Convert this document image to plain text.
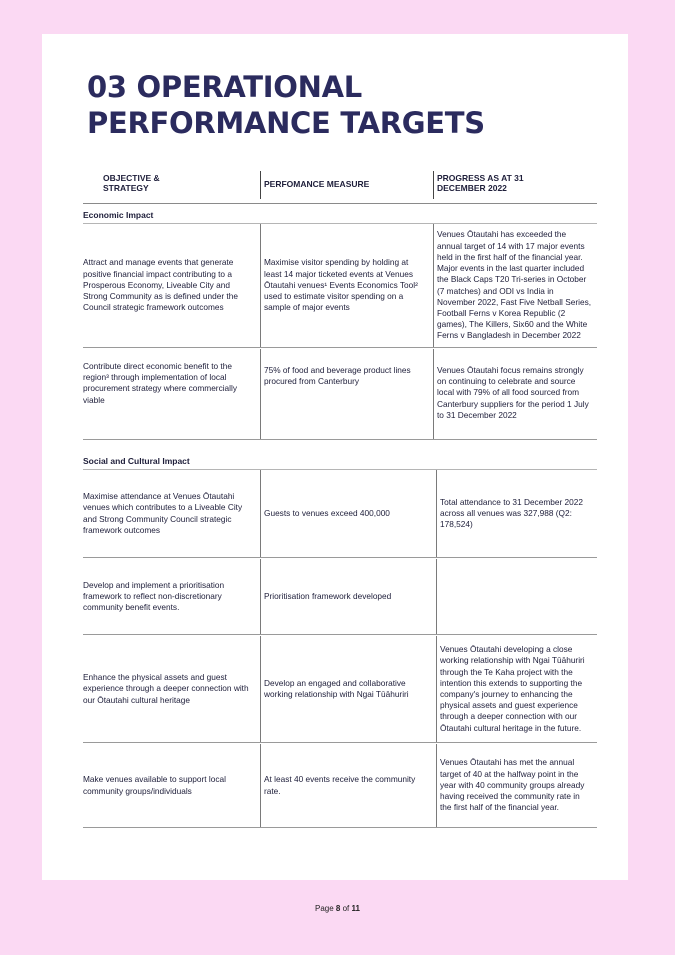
03 OPERATIONAL
PERFORMANCE TARGETS
OBJECTIVE & STRATEGY	PERFOMANCE MEASURE
PROGRESS AS AT 31 DECEMBER 2022
Economic Impact
Attract and manage events that generate positive financial impact contributing to a Prosperous Economy, Liveable City and Strong Community as is defined under the Council strategic framework outcomes
Maximise visitor spending by holding at least 14 major ticketed events at Venues Ōtautahi venues¹ Events Economics Tool² used to estimate visitor spending on a sample of major events
Venues Ōtautahi has exceeded the annual target of 14 with 17 major events held in the first half of the financial year. Major events in the last quarter included the Black Caps T20 Tri-series in October (7 matches) and ODI vs India in November 2022, Fast Five Netball Series, Football Ferns v Korea Republic (2 games), The Killers, Six60 and the White Ferns v Bangladesh in December 2022
Contribute direct economic benefit to the region³ through implementation of local procurement strategy where commercially viable
75% of food and beverage product lines procured from Canterbury
Venues Ōtautahi focus remains strongly on continuing to celebrate and source local with 79% of all food sourced from Canterbury suppliers for the period 1 July to 31 December 2022
Social and Cultural Impact
Maximise attendance at Venues Ōtautahi venues which contributes to a Liveable City and Strong Community Council strategic framework outcomes
Guests to venues exceed 400,000
Total attendance to 31 December 2022 across all venues was 327,988 (Q2: 178,524)
Develop and implement a prioritisation framework to reflect non-discretionary community benefit events.
Prioritisation framework developed
Enhance the physical assets and guest experience through a deeper connection with our Ōtautahi cultural heritage
Develop an engaged and collaborative working relationship with Ngai Tūāhuriri
Venues Ōtautahi developing a close working relationship with Ngai Tūāhuriri through the Te Kaha project with the intention this extends to supporting the company's journey to enhancing the physical assets and guest experience through a deeper connection with our Ōtautahi cultural heritage in the future.
Make venues available to support local community groups/individuals
At least 40 events receive the community rate.
Venues Ōtautahi has met the annual target of 40 at the halfway point in the year with 40 community groups already having received the community rate in the first half of the financial year.
Page 8 of 11
